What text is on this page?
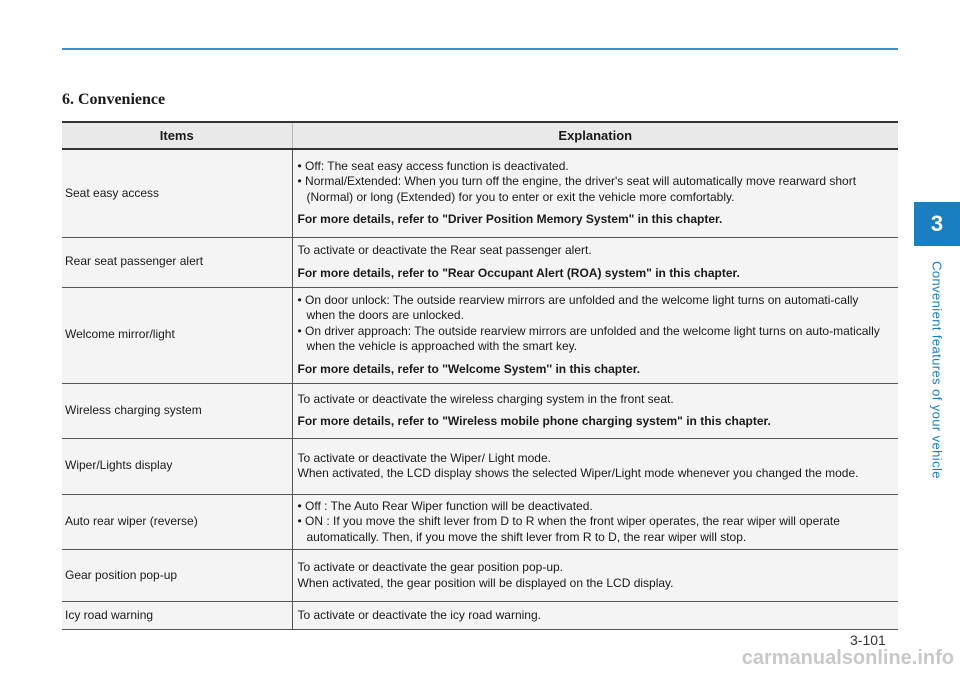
6. Convenience
Items	Explanation
Seat easy access	• Off: The seat easy access function is deactivated.

• Normal/Extended: When you turn off the engine, the driver's seat will automatically move rearward short (Normal) or long (Extended) for you to enter or exit the vehicle more comfortably.

For more details, refer to "Driver Position Memory System" in this chapter.

Rear seat passenger alert	To activate or deactivate the Rear seat passenger alert.

For more details, refer to "Rear Occupant Alert (ROA) system" in this chapter.

Welcome mirror/light	• On door unlock: The outside rearview mirrors are unfolded and the welcome light turns on automati-cally when the doors are unlocked.

• On driver approach: The outside rearview mirrors are unfolded and the welcome light turns on auto-matically when the vehicle is approached with the smart key.

For more details, refer to ''Welcome System'' in this chapter.

Wireless charging system	To activate or deactivate the wireless charging system in the front seat.

For more details, refer to "Wireless mobile phone charging system" in this chapter.

Wiper/Lights display	To activate or deactivate the Wiper/ Light mode.

When activated, the LCD display shows the selected Wiper/Light mode whenever you changed the mode.

Auto rear wiper (reverse)	• Off : The Auto Rear Wiper function will be deactivated.

• ON : If you move the shift lever from D to R when the front wiper operates, the rear wiper will operate automatically. Then, if you move the shift lever from R to D, the rear wiper will stop.

Gear position pop-up	To activate or deactivate the gear position pop-up.

When activated, the gear position will be displayed on the LCD display.

Icy road warning	To activate or deactivate the icy road warning.

3
Convenient features of your vehicle
3-101
carmanualsonline.info
